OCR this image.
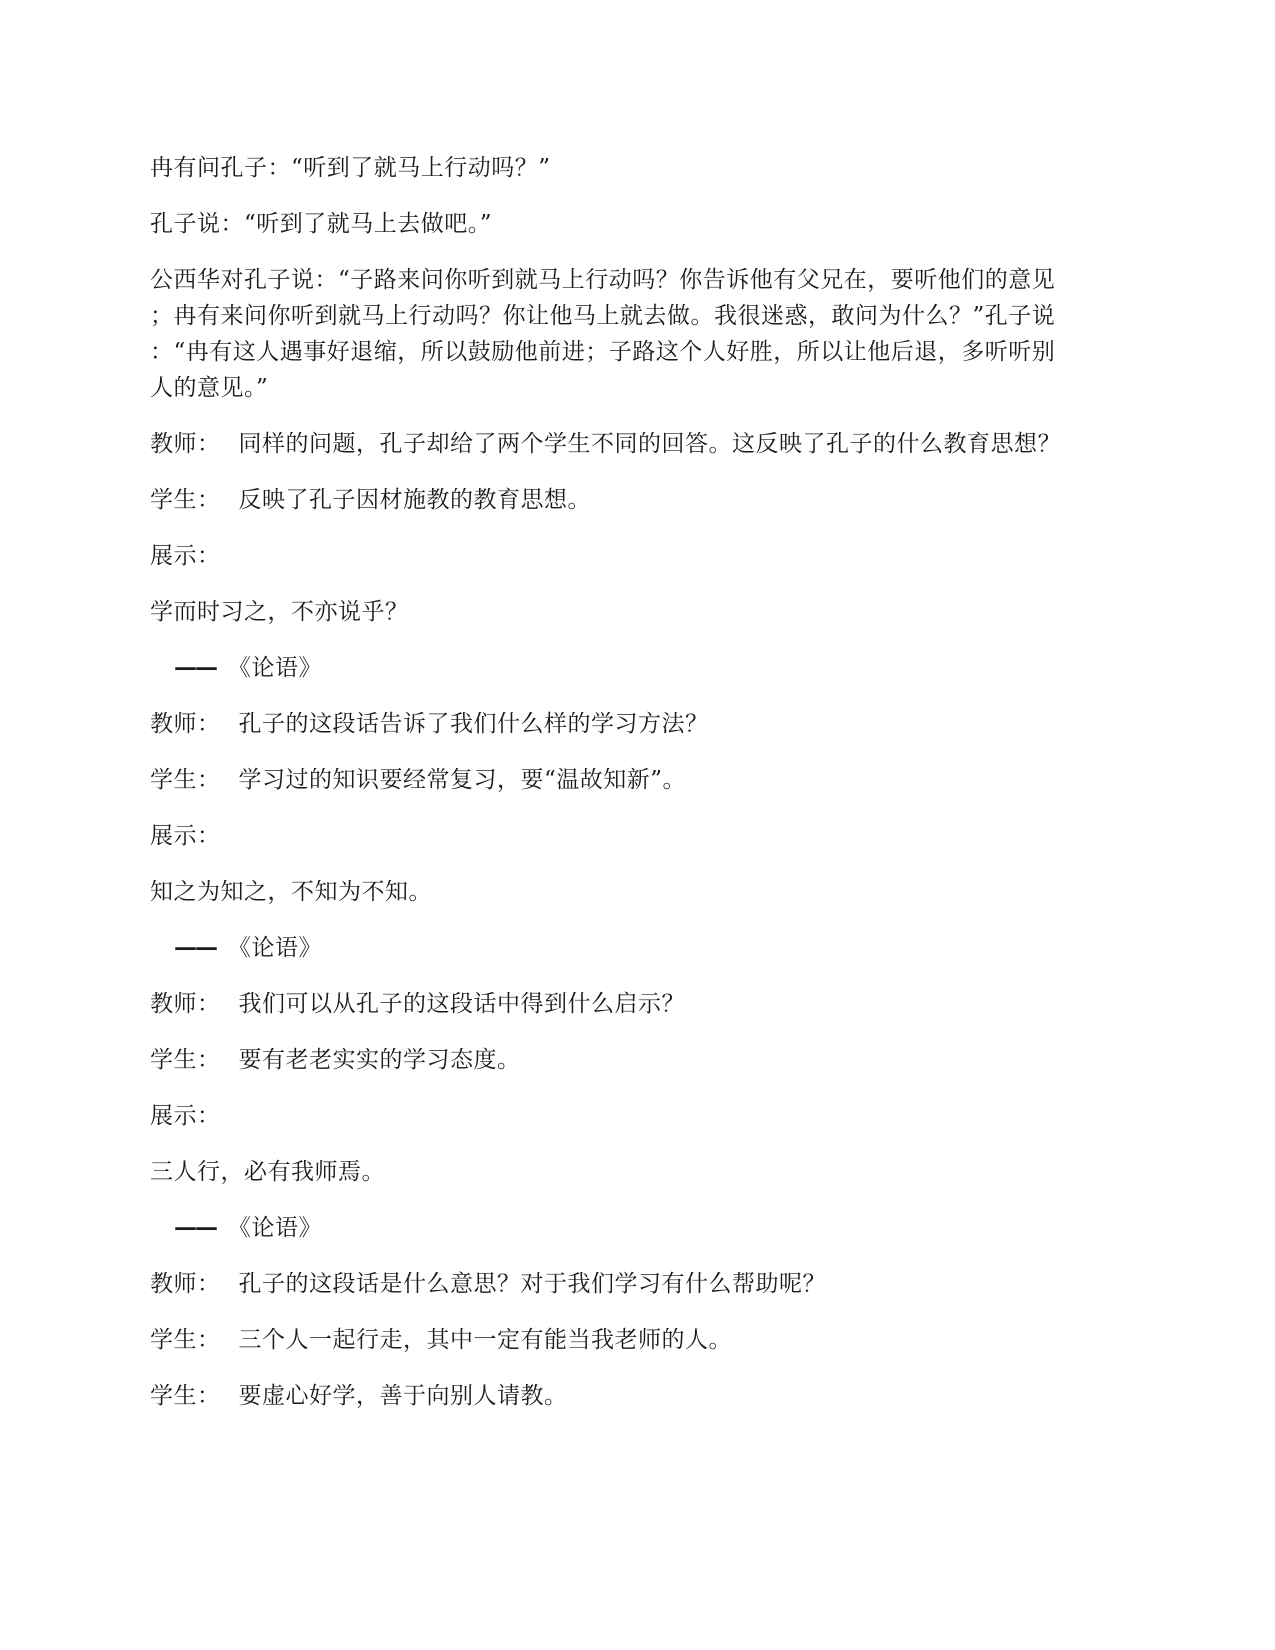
冉有问孔子：“听到了就马上行动吗？”

孔子说：“听到了就马上去做吧。”

公西华对孔子说：“子路来问你听到就马上行动吗？你告诉他有父兄在，要听他们的意见
；冉有来问你听到就马上行动吗？你让他马上就去做。我很迷惑，敢问为什么？”孔子说
：“冉有这人遇事好退缩，所以鼓励他前进；子路这个人好胜，所以让他后退，多听听别
人的意见。”

教师： 同样的问题，孔子却给了两个学生不同的回答。这反映了孔子的什么教育思想？

学生： 反映了孔子因材施教的教育思想。

展示：

学而时习之，不亦说乎？

—— 《论语》

教师： 孔子的这段话告诉了我们什么样的学习方法？

学生： 学习过的知识要经常复习，要“温故知新”。

展示：

知之为知之，不知为不知。

—— 《论语》

教师： 我们可以从孔子的这段话中得到什么启示？

学生： 要有老老实实的学习态度。

展示：

三人行，必有我师焉。

—— 《论语》

教师： 孔子的这段话是什么意思？对于我们学习有什么帮助呢？

学生： 三个人一起行走，其中一定有能当我老师的人。

学生： 要虚心好学，善于向别人请教。
